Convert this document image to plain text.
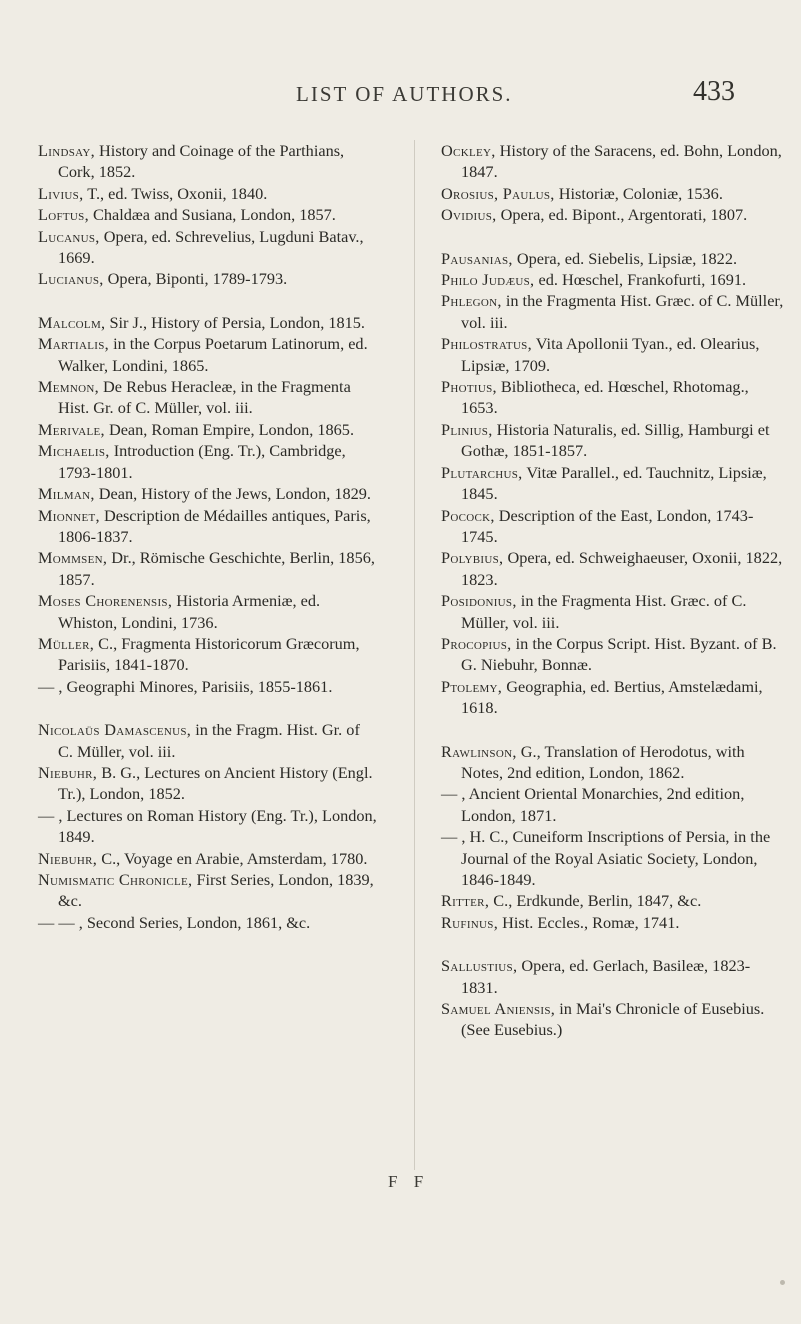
LIST OF AUTHORS.	433

Lindsay, History and Coinage of the Parthians, Cork, 1852.

Livius, T., ed. Twiss, Oxonii, 1840.

Loftus, Chaldæa and Susiana, London, 1857.

Lucanus, Opera, ed. Schrevelius, Lugduni Batav., 1669.

Lucianus, Opera, Biponti, 1789-1793.

Malcolm, Sir J., History of Persia, London, 1815.

Martialis, in the Corpus Poetarum Latinorum, ed. Walker, Londini, 1865.

Memnon, De Rebus Heracleæ, in the Fragmenta Hist. Gr. of C. Müller, vol. iii.

Merivale, Dean, Roman Empire, London, 1865.

Michaelis, Introduction (Eng. Tr.), Cambridge, 1793-1801.

Milman, Dean, History of the Jews, London, 1829.

Mionnet, Description de Médailles antiques, Paris, 1806-1837.

Mommsen, Dr., Römische Geschichte, Berlin, 1856, 1857.

Moses Chorenensis, Historia Armeniæ, ed. Whiston, Londini, 1736.

Müller, C., Fragmenta Historicorum Græcorum, Parisiis, 1841-1870.

— , Geographi Minores, Parisiis, 1855-1861.

Nicolaüs Damascenus, in the Fragm. Hist. Gr. of C. Müller, vol. iii.

Niebuhr, B. G., Lectures on Ancient History (Engl. Tr.), London, 1852.

— , Lectures on Roman History (Eng. Tr.), London, 1849.

Niebuhr, C., Voyage en Arabie, Amsterdam, 1780.

Numismatic Chronicle, First Series, London, 1839, &c.

— — , Second Series, London, 1861, &c.

Ockley, History of the Saracens, ed. Bohn, London, 1847.

Orosius, Paulus, Historiæ, Coloniæ, 1536.

Ovidius, Opera, ed. Bipont., Argentorati, 1807.

Pausanias, Opera, ed. Siebelis, Lipsiæ, 1822.

Philo Judæus, ed. Hœschel, Frankofurti, 1691.

Phlegon, in the Fragmenta Hist. Græc. of C. Müller, vol. iii.

Philostratus, Vita Apollonii Tyan., ed. Olearius, Lipsiæ, 1709.

Photius, Bibliotheca, ed. Hœschel, Rhotomag., 1653.

Plinius, Historia Naturalis, ed. Sillig, Hamburgi et Gothæ, 1851-1857.

Plutarchus, Vitæ Parallel., ed. Tauchnitz, Lipsiæ, 1845.

Pocock, Description of the East, London, 1743-1745.

Polybius, Opera, ed. Schweighaeuser, Oxonii, 1822, 1823.

Posidonius, in the Fragmenta Hist. Græc. of C. Müller, vol. iii.

Procopius, in the Corpus Script. Hist. Byzant. of B. G. Niebuhr, Bonnæ.

Ptolemy, Geographia, ed. Bertius, Amstelædami, 1618.

Rawlinson, G., Translation of Herodotus, with Notes, 2nd edition, London, 1862.

— , Ancient Oriental Monarchies, 2nd edition, London, 1871.

— , H. C., Cuneiform Inscriptions of Persia, in the Journal of the Royal Asiatic Society, London, 1846-1849.

Ritter, C., Erdkunde, Berlin, 1847, &c.

Rufinus, Hist. Eccles., Romæ, 1741.

Sallustius, Opera, ed. Gerlach, Basileæ, 1823-1831.

Samuel Aniensis, in Mai's Chronicle of Eusebius. (See Eusebius.)

F F
